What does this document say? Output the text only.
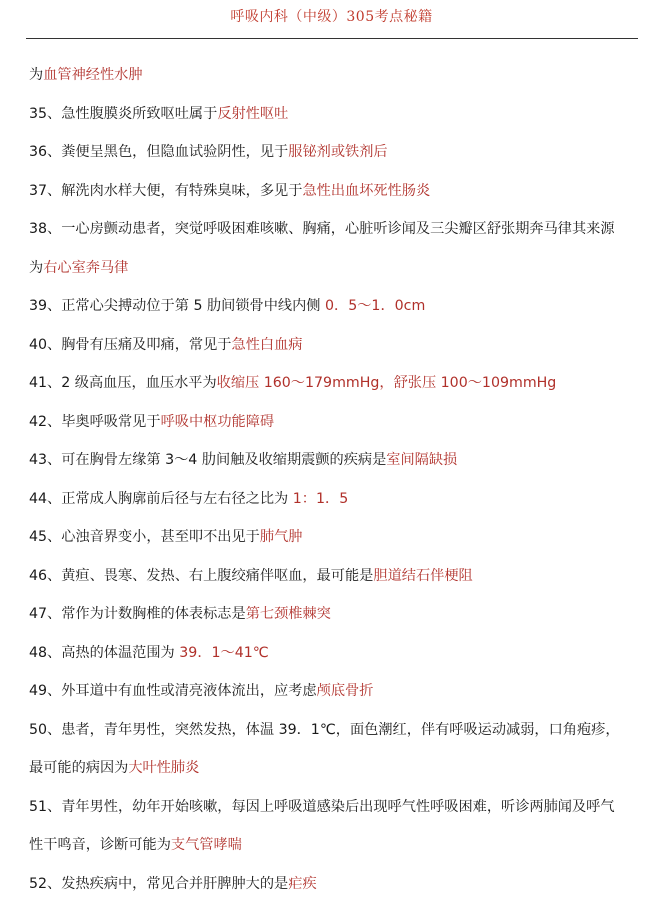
呼吸内科（中级）305考点秘籍
为血管神经性水肿
35、急性腹膜炎所致呕吐属于反射性呕吐
36、粪便呈黑色，但隐血试验阴性，见于服铋剂或铁剂后
37、解洗肉水样大便，有特殊臭味，多见于急性出血坏死性肠炎
38、一心房颤动患者，突觉呼吸困难咳嗽、胸痛，心脏听诊闻及三尖瓣区舒张期奔马律其来源
为右心室奔马律
39、正常心尖搏动位于第 5 肋间锁骨中线内侧 0．5～1．0cm
40、胸骨有压痛及叩痛，常见于急性白血病
41、2 级高血压，血压水平为收缩压 160～179mmHg，舒张压 100～109mmHg
42、毕奥呼吸常见于呼吸中枢功能障碍
43、可在胸骨左缘第 3～4 肋间触及收缩期震颤的疾病是室间隔缺损
44、正常成人胸廓前后径与左右径之比为 1：1．5
45、心浊音界变小，甚至叩不出见于肺气肿
46、黄疸、畏寒、发热、右上腹绞痛伴呕血，最可能是胆道结石伴梗阻
47、常作为计数胸椎的体表标志是第七颈椎棘突
48、高热的体温范围为 39．1～41℃
49、外耳道中有血性或清亮液体流出，应考虑颅底骨折
50、患者，青年男性，突然发热，体温 39．1℃，面色潮红，伴有呼吸运动减弱，口角疱疹，
最可能的病因为大叶性肺炎
51、青年男性，幼年开始咳嗽，每因上呼吸道感染后出现呼气性呼吸困难，听诊两肺闻及呼气
性干鸣音，诊断可能为支气管哮喘
52、发热疾病中，常见合并肝脾肿大的是疟疾
